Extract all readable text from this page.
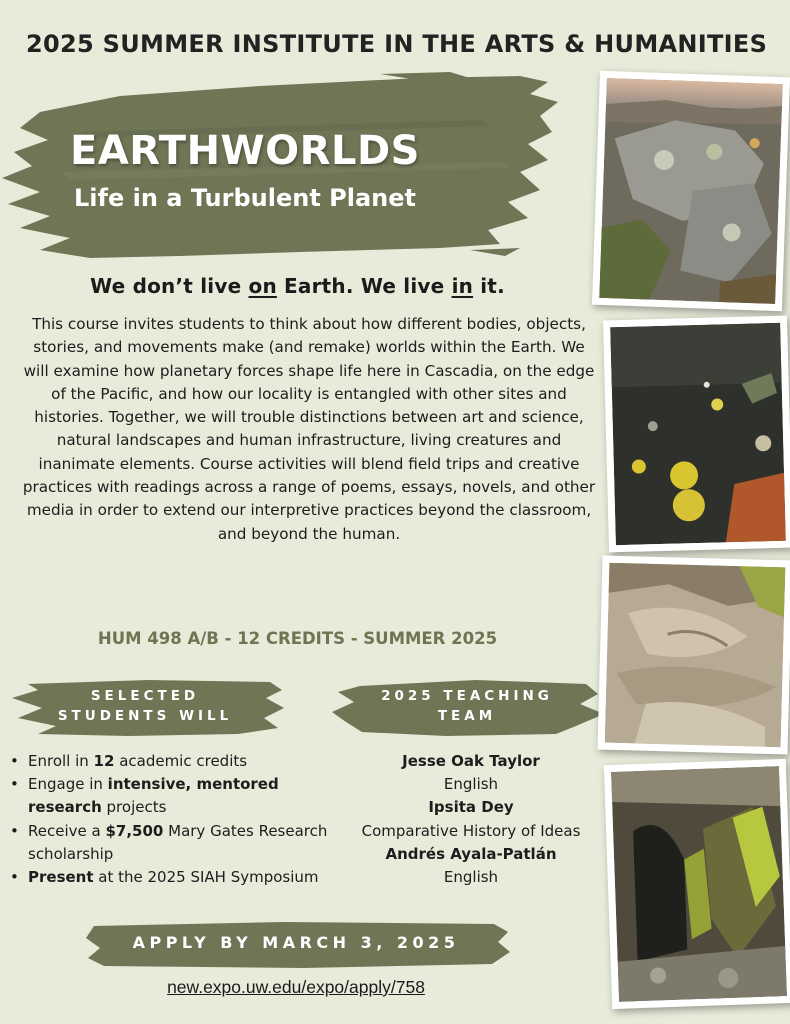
2025 SUMMER INSTITUTE IN THE ARTS & HUMANITIES
EARTHWORLDS
Life in a Turbulent Planet
We don’t live on Earth. We live in it.

This course invites students to think about how different bodies, objects, stories, and movements make (and remake) worlds within the Earth. We will examine how planetary forces shape life here in Cascadia, on the edge of the Pacific, and how our locality is entangled with other sites and histories. Together, we will trouble distinctions between art and science, natural landscapes and human infrastructure, living creatures and inanimate elements. Course activities will blend field trips and creative practices with readings across a range of poems, essays, novels, and other media in order to extend our interpretive practices beyond the classroom, and beyond the human.

HUM 498 A/B - 12 CREDITS - SUMMER 2025
SELECTED
STUDENTS WILL
2025 TEACHING
TEAM
• Enroll in 12 academic credits
• Engage in intensive, mentored research projects
• Receive a $7,500 Mary Gates Research scholarship
• Present at the 2025 SIAH Symposium
Jesse Oak Taylor
English
Ipsita Dey
Comparative History of Ideas
Andrés Ayala-Patlán
English
APPLY BY MARCH 3, 2025
new.expo.uw.edu/expo/apply/758
